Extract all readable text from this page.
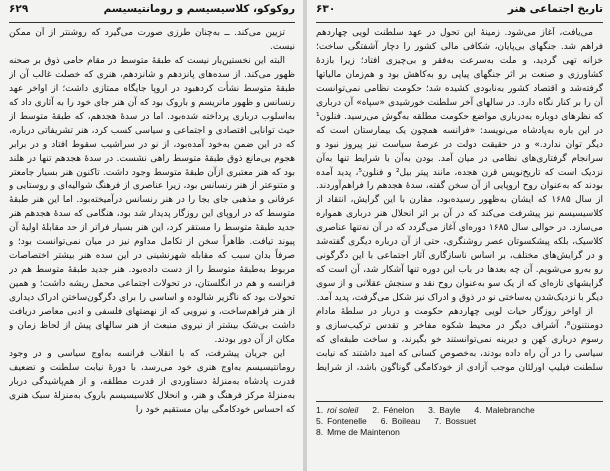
۶۲۹	روکوکو، کلاسیسیسم و رومانتیسیسم

تزیین می‌کند. ــ به‌چنان طرزی صورت می‌گیرد که روشنتر از آن ممکن نیست.

البته این نخستین‌بار نیست که طبقهٔ متوسط در مقام حامی ذوق بر صحنه ظهور می‌کند. از سده‌های پانزدهم و شانزدهم، هنری که خصلت غالب آن از طبقهٔ متوسط نشأت کردهبود در اروپا جایگاه ممتازی داشت؛ از اواخر عهد رنسانس و ظهور مانریسم و باروک بود که آن هنر جای خود را به آثاری داد که به‌اسلوب درباری پرداخته شده‌بود. اما در سدهٔ هجدهم، که طبقهٔ متوسط از حیث توانایی اقتصادی و اجتماعی و سیاسی کسب کرد، هنر تشریفاتی درباره، که در این ضمن به‌خود آمده‌بود، از نو در سراشیب سقوط افتاد و در برابر هجوم بی‌مانع ذوق طبقهٔ متوسط راهی نشست. در سدهٔ هجدهم تنها در هلند بود که هنر معتبری ازآن طبقهٔ متوسط وجود داشت. تاکنون هنر بسیار جامعتر و متنوعتر از هنر رنسانس بود، زیرا عناصری از فرهنگ شوالیه‌ای و روستایی و عرفانی و مذهبی جای بجا را در هنر رنسانس درآمیخته‌بود. اما این هنر طبقهٔ متوسط که در اروپای این روزگار پدیدار شد بود، هنگامی که سدهٔ هجدهم هنر جدید طبقهٔ متوسط را مستقر کرد، این هنر بسیار فراتر از حد مقابلهٔ اولیهٔ آن پیوند تیافت. ظاهراً سخن از تکامل مداوم نیز در میان نمی‌توانست بود؛ و صرفاً بدان سبب که مقابله شهرنشینی در این سده هنر بیشتر اختصاصات مربوط به‌طبقهٔ متوسط را از دست داده‌بود. هنر جدید طبقهٔ متوسط هم در فرانسه و هم در انگلستان، در تحولات اجتماعی محمل ریشه داشت؛ و همین تحولات بود که ناگزیر شالوده و اساسی را برای دگرگون‌ساختن ادراک دیداری از هنر فراهم‌ساخت، و نیرویی که از نهضتهای فلسفی و ادبی معاصر دریافت داشت بی‌شک بیشتر از نیروی منبعث از هنر سالهای پیش از لحاظ زمان و مکان از آن دور بودند.

این جریان پیشرفت، که با انقلاب فرانسه به‌اوج سیاسی و در وجود رومانتیسیسم به‌اوج هنری خود می‌رسد، با دورهٔ نیابت سلطنت و تضعیف قدرت پادشاه به‌منزلهٔ دستاوردی از قدرت مطلقه، و از هم‌پاشیدگی دربار به‌منزلهٔ مرکز فرهنگ و هنر، و انحلال کلاسیسیسم باروک به‌منزلهٔ سبک هنری که احساس خودکامگی بیان مستقیم خود را

۶۳۰	تاریخ اجتماعی هنر

می‌یافت، آغاز می‌شود. زمینهٔ این تحول در عهد سلطنت لویی چهاردهم فراهم شد. جنگهای بی‌پایان، شکافی مالی کشور را دچار آشفتگی ساخت؛ خزانه تهی گردید، و ملت به‌سرعت به‌فقر و بی‌چیزی افتاد؛ زیرا بازدهٔ کشاورزی و صنعت بر اثر جنگهای پیاپی رو به‌کاهش بود و هم‌زمان مالیاتها گرفته‌شد و اقتصاد کشور به‌نابودی کشیده شد؛ حکومت نظامی نمی‌توانست آن را بر کنار نگاه دارد. در سالهای آخر سلطنت خورشیدی «سپاه» آن درباری که نظرهای دوباره به‌درباری مواضع حکومت مطلقه به‌گوش می‌رسید. فنلون¹ در این باره به‌پادشاه می‌نویسد: «فرانسه همچون یک بیمارستان است که دیگر توان ندارد.» و در حقیقت دولت در عرصهٔ سیاست نیز پیروز نبود و سرانجام گرفتاری‌های نظامی در میان آمد. بودن به‌آن با شرایط تنها به‌آن نزدیک است که تاریخ‌نویس قرن هجده، مانند پیتر بیل² و فنلون⁵، پدید آمده بودند که به‌عنوان روح اروپایی از آن سخن گفته، سدهٔ هجدهم را فراهم‌آوردند. از سال ۱۶۸۵ که‌ ‌ایشان به‌ظهور رسیده‌بود، مقارن با این گرایش، انتقاد از کلاسیسیسم نیز پیشرفت می‌کند که در آن بر اثر انحلال هنر درباری همواره می‌سازد. در حوالی سال ۱۶۸۵ دوره‌ای آغاز می‌گردد که در آن نه‌تنها عناصری کلاسیک، بلکه پیشکسوتان عصر روشنگری، حتی از آن درباره دیگری گفته‌شد و در گرایش‌های مختلف، بر اساس ناسازگاری آثار اجتماعی با این دگرگونی رو به‌رو می‌شویم. آن چه بعدها در باب این دوره تنها آشکار شد، آن است که گرایشهای تازه‌ای که از یک سو به‌عنوان روح نقد و سنجش عقلانی و از سوی دیگر با نزدیک‌شدن به‌ساختی نو در ذوق و ادراک نیز شکل می‌گرفت، پدید آمد.

از اواخر روزگار حیات لویی چهاردهم حکومت و دربار در سلطهٔ مادام دومنتنون⁸، آشراف دیگر در محیط شکوه مفاخر و تقدس ترکیب‌سازی و رسوم درباری کهن و دیرینه نمی‌توانستند خو بگیرند، و ساخت طبقه‌ای که سیاسی را در آن راه داده بودند، به‌خصوص کسانی که امید داشتند که نیابت سلطنت فیلیپ اورلئان موجب آزادی از خودکامگی گوناگون باشد، از شرایط

1. roi soleil 2. Fénelon 3. Bayle 4. Malebranche
5. Fontenelle 6. Boileau 7. Bossuet
8. Mme de Maintenon
